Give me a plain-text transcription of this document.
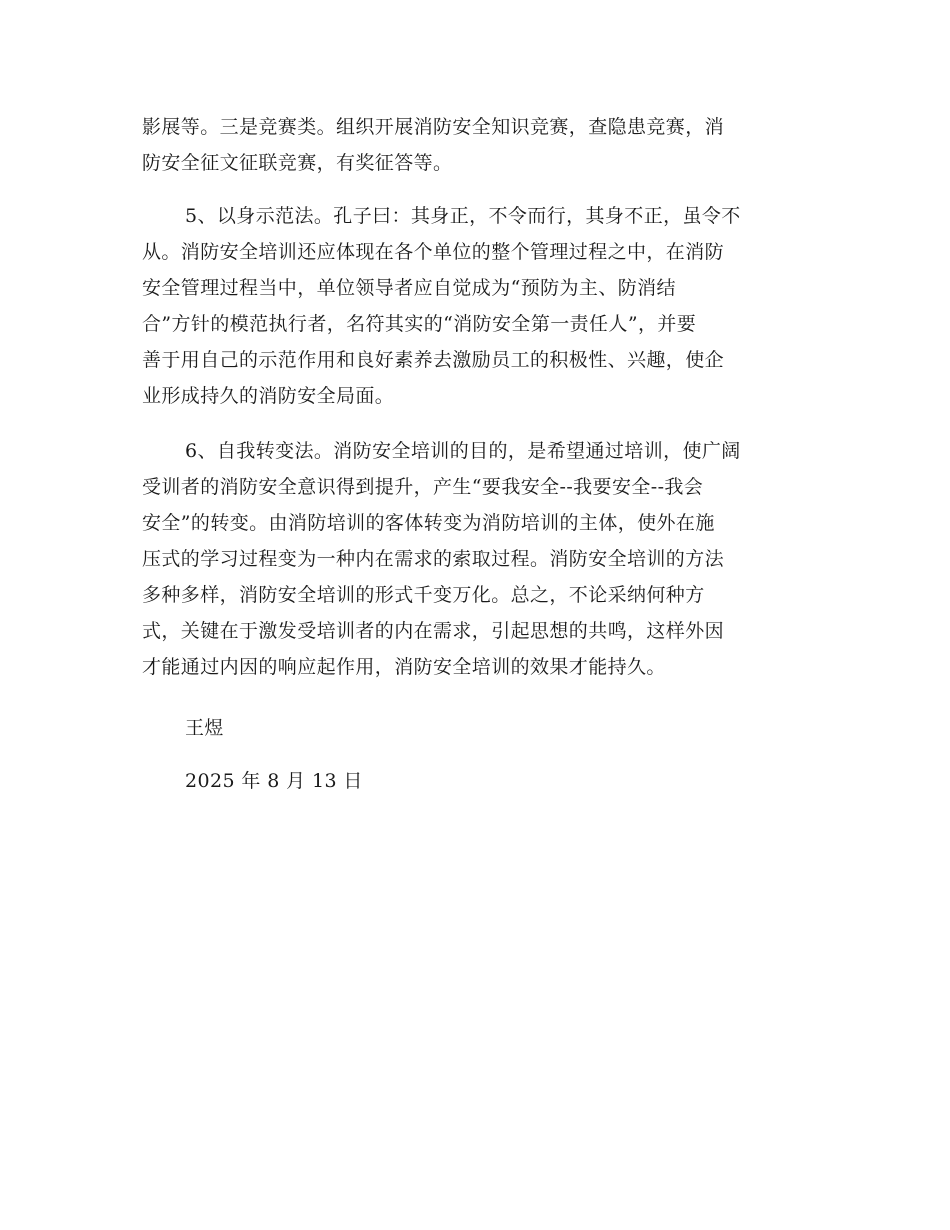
影展等。三是竞赛类。组织开展消防安全知识竞赛，查隐患竞赛，消
防安全征文征联竞赛，有奖征答等。
5、以身示范法。孔子曰：其身正，不令而行，其身不正，虽令不
从。消防安全培训还应体现在各个单位的整个管理过程之中，在消防
安全管理过程当中，单位领导者应自觉成为“预防为主、防消结
合”方针的模范执行者，名符其实的“消防安全第一责任人”，并要
善于用自己的示范作用和良好素养去激励员工的积极性、兴趣，使企
业形成持久的消防安全局面。
6、自我转变法。消防安全培训的目的，是希望通过培训，使广阔
受训者的消防安全意识得到提升，产生“要我安全--我要安全--我会
安全”的转变。由消防培训的客体转变为消防培训的主体，使外在施
压式的学习过程变为一种内在需求的索取过程。消防安全培训的方法
多种多样，消防安全培训的形式千变万化。总之，不论采纳何种方
式，关键在于激发受培训者的内在需求，引起思想的共鸣，这样外因
才能通过内因的响应起作用，消防安全培训的效果才能持久。
王煜
2025 年 8 月 13 日
